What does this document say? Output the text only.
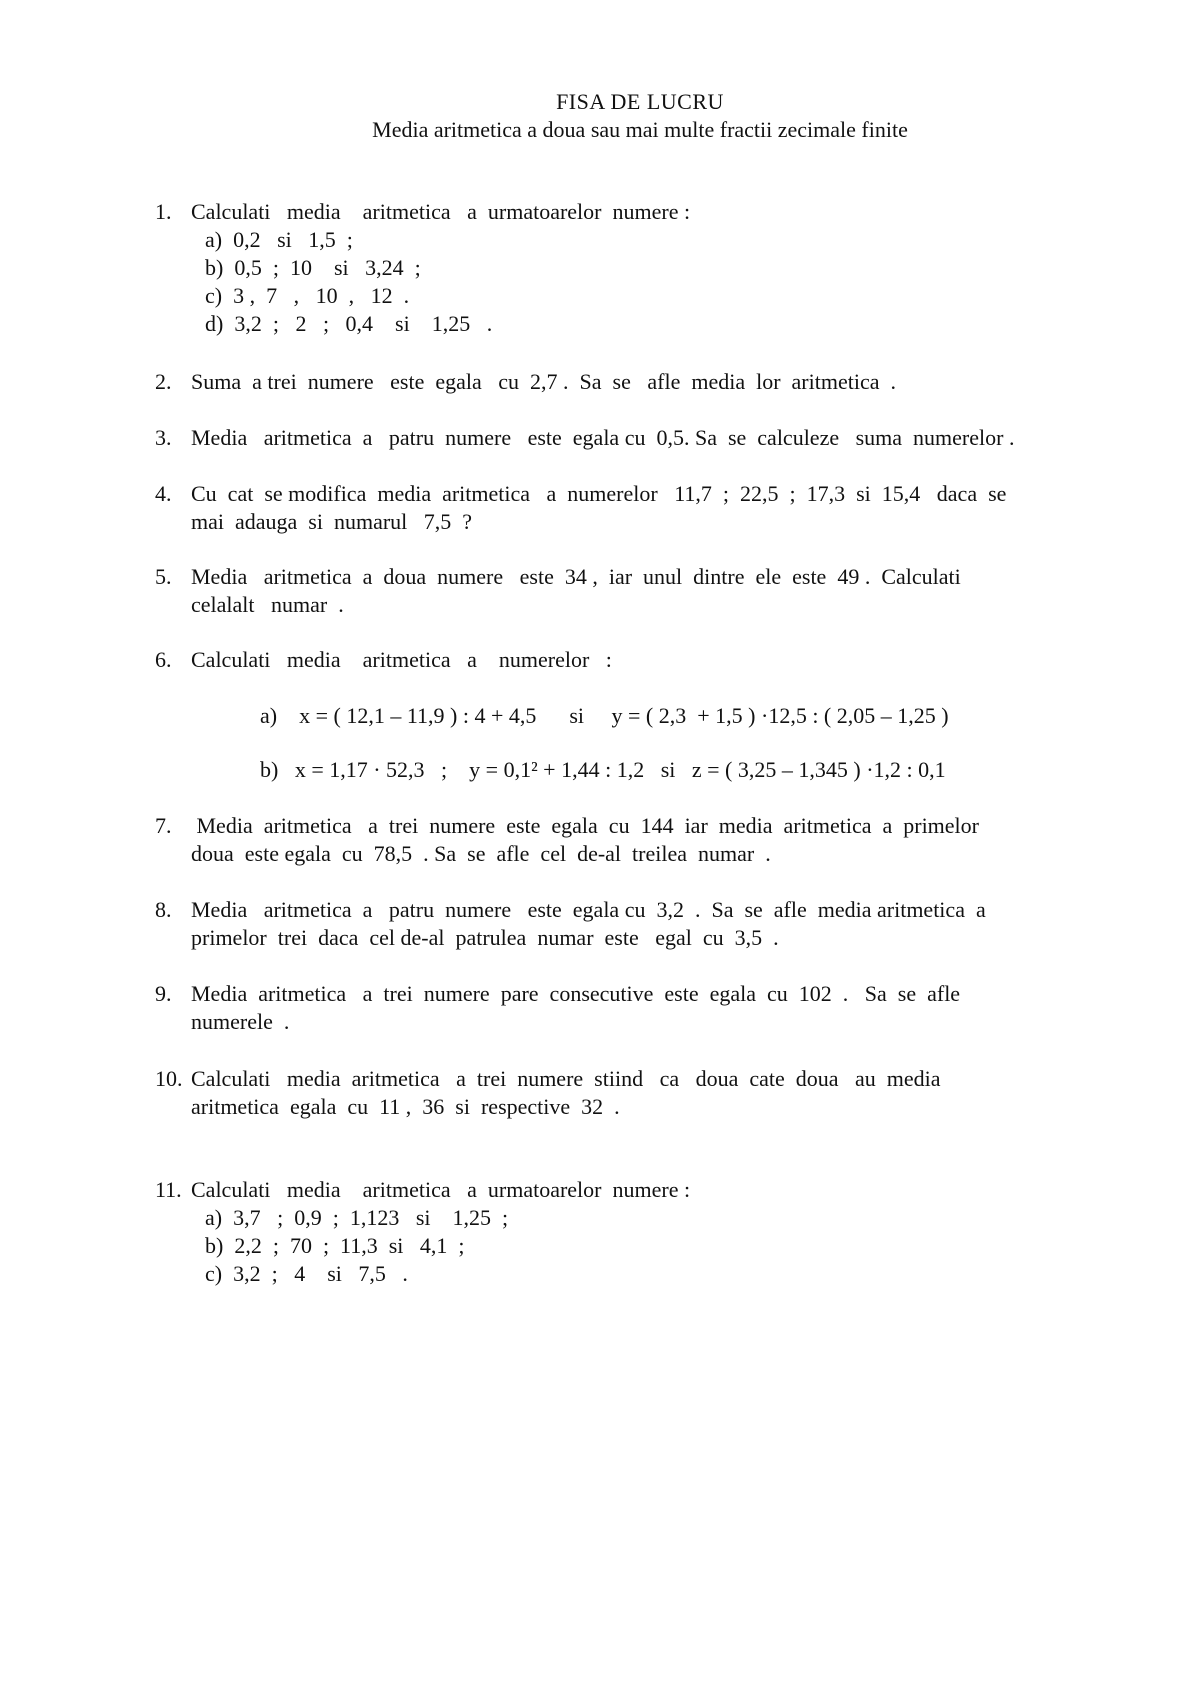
FISA DE LUCRU
Media aritmetica a doua sau mai multe fractii zecimale finite
1. Calculati   media    aritmetica   a  urmatoarelor  numere :
a)  0,2   si   1,5  ;
b)  0,5  ;  10    si   3,24  ;
c)  3 ,  7   ,   10  ,   12  .
d)  3,2  ;   2   ;   0,4    si    1,25   .
2. Suma  a trei  numere   este  egala   cu  2,7 .  Sa  se   afle  media  lor  aritmetica  .
3. Media   aritmetica  a   patru  numere   este  egala cu  0,5. Sa  se  calculeze   suma  numerelor .
4. Cu  cat  se modifica  media  aritmetica   a  numerelor   11,7  ;  22,5  ;  17,3  si  15,4   daca  se
mai  adauga  si  numarul   7,5  ?
5. Media   aritmetica  a  doua  numere   este  34 ,  iar  unul  dintre  ele  este  49 .  Calculati
celalalt   numar  .
6. Calculati   media    aritmetica   a    numerelor   :
a)    x = ( 12,1 – 11,9 ) : 4 + 4,5      si     y = ( 2,3  + 1,5 ) ·12,5 : ( 2,05 – 1,25 )
b)   x = 1,17 · 52,3   ;    y = 0,1² + 1,44 : 1,2   si   z = ( 3,25 – 1,345 ) ·1,2 : 0,1
7. Media  aritmetica   a  trei  numere  este  egala  cu  144  iar  media  aritmetica  a  primelor
doua  este egala  cu  78,5  . Sa  se  afle  cel  de-al  treilea  numar  .
8. Media   aritmetica  a   patru  numere   este  egala cu  3,2  .  Sa  se  afle  media aritmetica  a
primelor  trei  daca  cel de-al  patrulea  numar  este   egal  cu  3,5  .
9. Media  aritmetica   a  trei  numere  pare  consecutive  este  egala  cu  102  .   Sa  se  afle
numerele  .
10. Calculati   media  aritmetica   a  trei  numere  stiind   ca   doua  cate  doua   au  media
aritmetica  egala  cu  11 ,  36  si  respective  32  .
11. Calculati   media    aritmetica   a  urmatoarelor  numere :
a)  3,7   ;  0,9  ;  1,123   si    1,25  ;
b)  2,2  ;  70  ;  11,3  si   4,1  ;
c)  3,2  ;   4    si   7,5   .
